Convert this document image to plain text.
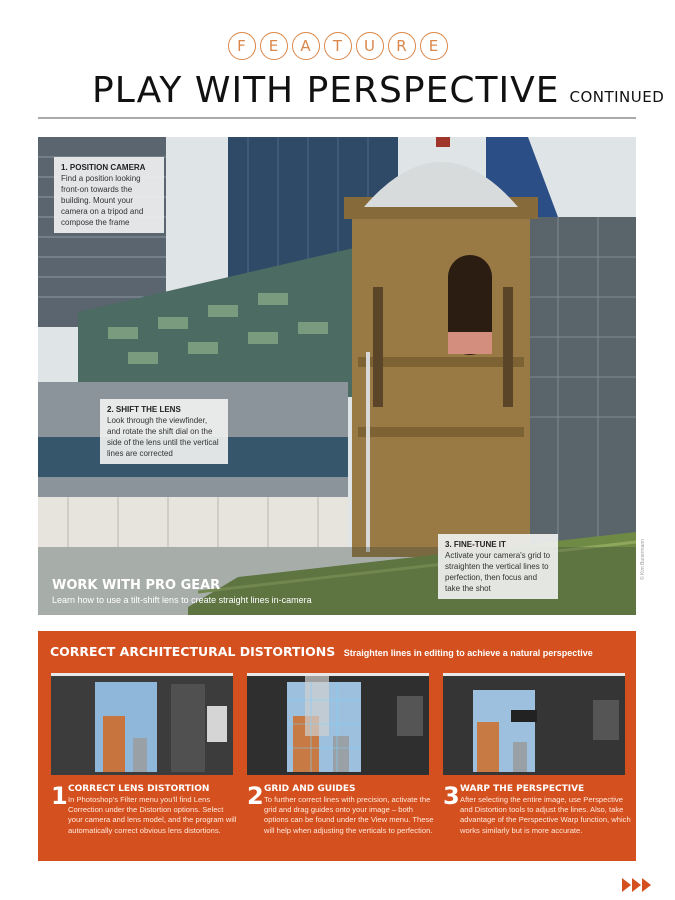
F	E	A	T	U	R	E
PLAY WITH PERSPECTIVE CONTINUED
1. POSITION CAMERA
Find a position looking front-on towards the building. Mount your camera on a tripod and compose the frame
2. SHIFT THE LENS
Look through the viewfinder, and rotate the shift dial on the side of the lens until the vertical lines are corrected
3. FINE-TUNE IT
Activate your camera's grid to straighten the vertical lines to perfection, then focus and take the shot
WORK WITH PRO GEAR
Learn how to use a tilt-shift lens to create straight lines in-camera
© Kim Bunermann
CORRECT ARCHITECTURAL DISTORTIONS Straighten lines in editing to achieve a natural perspective
1 CORRECT LENS DISTORTION

In Photoshop's Filter menu you'll find Lens Correction under the Distortion options. Select your camera and lens model, and the program will automatically correct obvious lens distortions.

2 GRID AND GUIDES

To further correct lines with precision, activate the grid and drag guides onto your image – both options can be found under the View menu. These will help when adjusting the verticals to perfection.

3 WARP THE PERSPECTIVE

After selecting the entire image, use Perspective and Distortion tools to adjust the lines. Also, take advantage of the Perspective Warp function, which works similarly but is more accurate.
